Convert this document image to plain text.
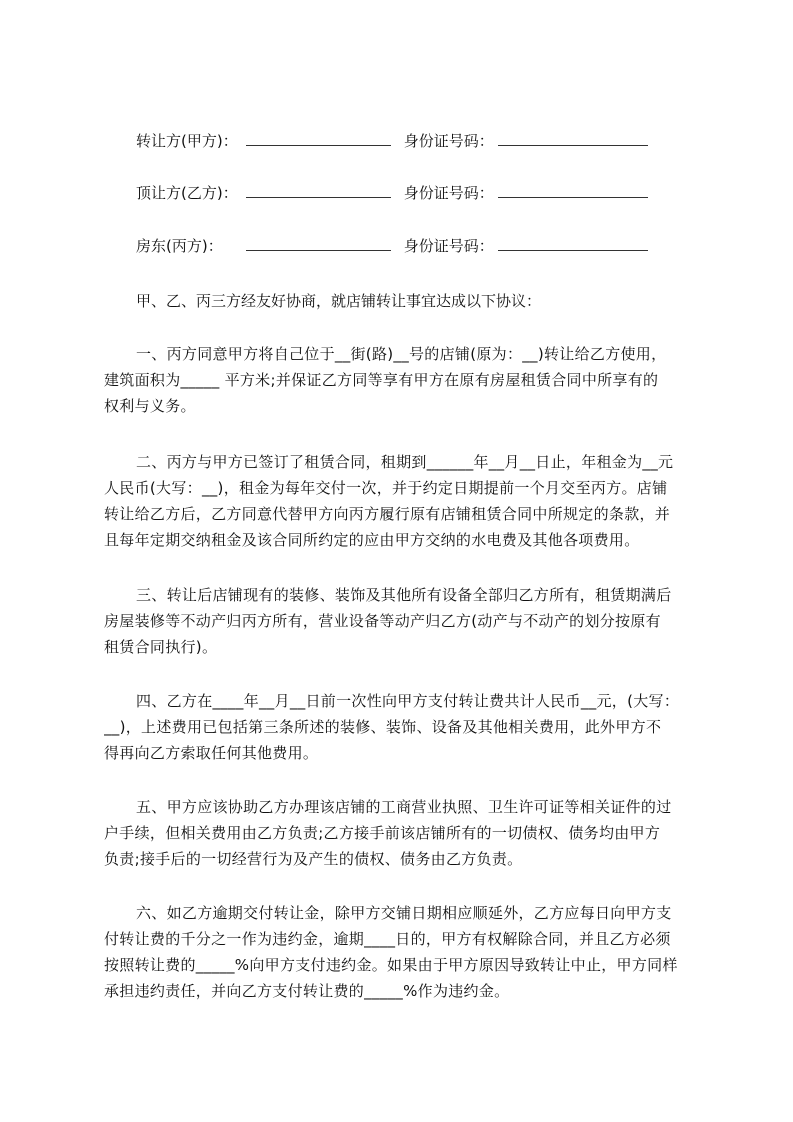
转让方(甲方)：	身份证号码：
顶让方(乙方)：	身份证号码：
房东(丙方)：	身份证号码：
甲、乙、丙三方经友好协商，就店铺转让事宜达成以下协议：
一、丙方同意甲方将自己位于__街(路)__号的店铺(原为：__)转让给乙方使用，
建筑面积为_____ 平方米;并保证乙方同等享有甲方在原有房屋租赁合同中所享有的
权利与义务。
二、丙方与甲方已签订了租赁合同，租期到______年__月__日止，年租金为__元
人民币(大写：__)，租金为每年交付一次，并于约定日期提前一个月交至丙方。店铺
转让给乙方后，乙方同意代替甲方向丙方履行原有店铺租赁合同中所规定的条款，并
且每年定期交纳租金及该合同所约定的应由甲方交纳的水电费及其他各项费用。
三、转让后店铺现有的装修、装饰及其他所有设备全部归乙方所有，租赁期满后
房屋装修等不动产归丙方所有，营业设备等动产归乙方(动产与不动产的划分按原有
租赁合同执行)。
四、乙方在____年__月__日前一次性向甲方支付转让费共计人民币__元，(大写：
__)，上述费用已包括第三条所述的装修、装饰、设备及其他相关费用，此外甲方不
得再向乙方索取任何其他费用。
五、甲方应该协助乙方办理该店铺的工商营业执照、卫生许可证等相关证件的过
户手续，但相关费用由乙方负责;乙方接手前该店铺所有的一切债权、债务均由甲方
负责;接手后的一切经营行为及产生的债权、债务由乙方负责。
六、如乙方逾期交付转让金，除甲方交铺日期相应顺延外，乙方应每日向甲方支
付转让费的千分之一作为违约金，逾期____日的，甲方有权解除合同，并且乙方必须
按照转让费的_____%向甲方支付违约金。如果由于甲方原因导致转让中止，甲方同样
承担违约责任，并向乙方支付转让费的_____%作为违约金。
